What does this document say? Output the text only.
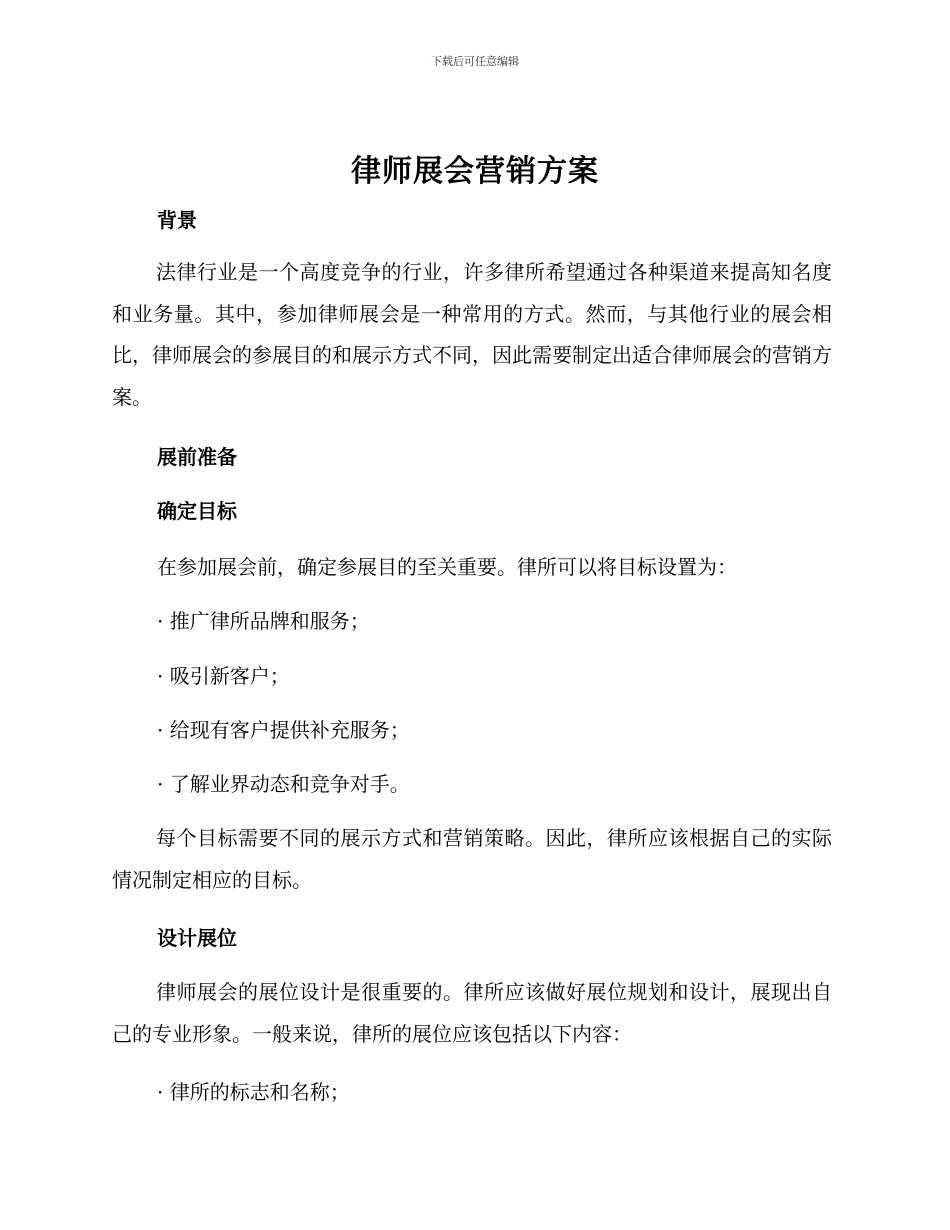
下载后可任意编辑
律师展会营销方案
背景

法律行业是一个高度竞争的行业，许多律所希望通过各种渠道来提高知名度和业务量。其中，参加律师展会是一种常用的方式。然而，与其他行业的展会相比，律师展会的参展目的和展示方式不同，因此需要制定出适合律师展会的营销方案。

展前准备
确定目标
在参加展会前，确定参展目的至关重要。律所可以将目标设置为：
· 推广律所品牌和服务；
· 吸引新客户；
· 给现有客户提供补充服务；
· 了解业界动态和竞争对手。

每个目标需要不同的展示方式和营销策略。因此，律所应该根据自己的实际情况制定相应的目标。

设计展位

律师展会的展位设计是很重要的。律所应该做好展位规划和设计，展现出自己的专业形象。一般来说，律所的展位应该包括以下内容：

· 律所的标志和名称；
